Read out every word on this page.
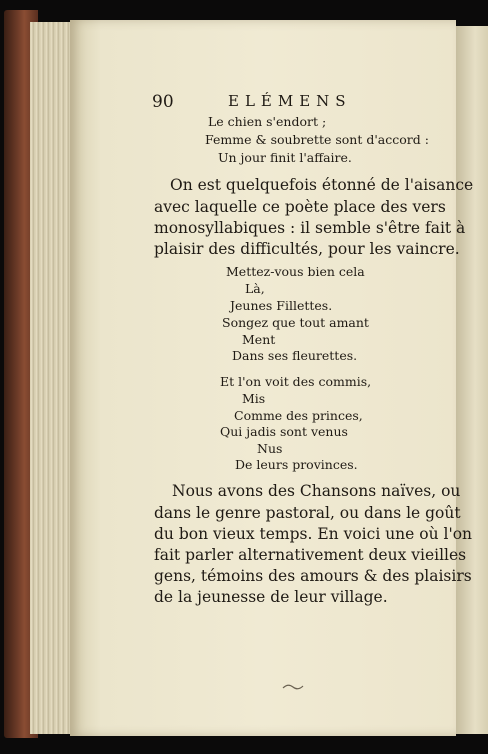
90	ELÉMENS
Le chien s'endort ;
Femme & soubrette sont d'accord :
Un jour finit l'affaire.
On est quelquefois étonné de l'aisance
avec laquelle ce poète place des vers
monosyllabiques : il semble s'être fait à
plaisir des difficultés, pour les vaincre.
Mettez-vous bien cela
Là,
Jeunes Fillettes.
Songez que tout amant
Ment
Dans ses fleurettes.
Et l'on voit des commis,
Mis
Comme des princes,
Qui jadis sont venus
Nus
De leurs provinces.
Nous avons des Chansons naïves, ou
dans le genre pastoral, ou dans le goût
du bon vieux temps. En voici une où l'on
fait parler alternativement deux vieilles
gens, témoins des amours & des plaisirs
de la jeunesse de leur village.
